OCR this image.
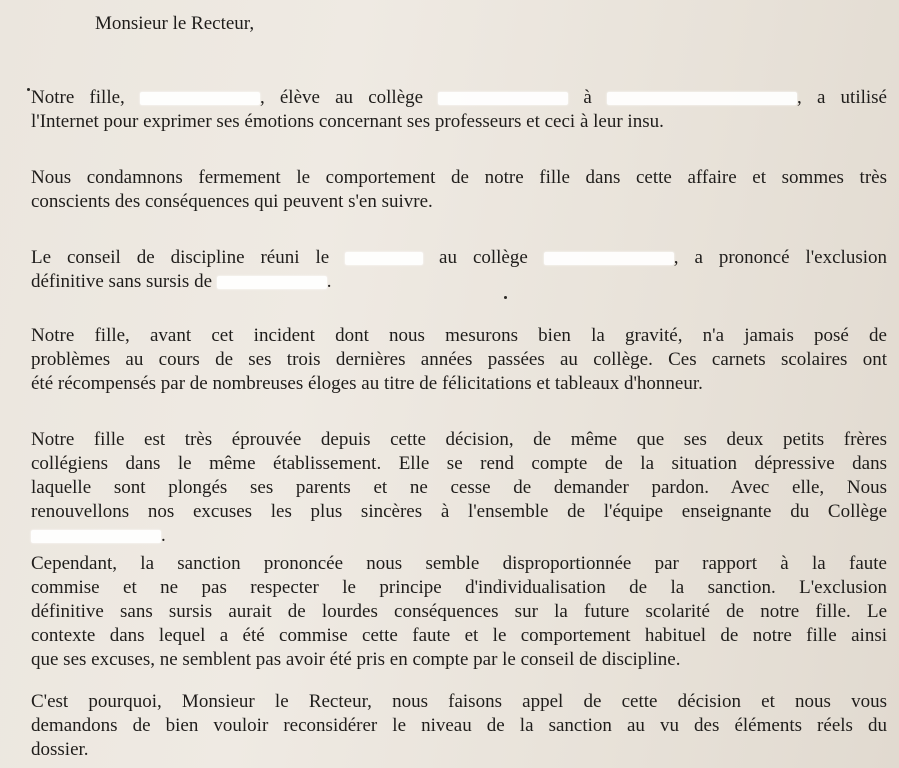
Monsieur le Recteur,
Notre fille,	, élève au collège	à	, a utilisé
l'Internet pour exprimer ses émotions concernant ses professeurs et ceci à leur insu.
Nous condamnons fermement le comportement de notre fille dans cette affaire et sommes très
conscients des conséquences qui peuvent s'en suivre.
Le conseil de discipline réuni le	au collège	, a prononcé l'exclusion
définitive sans sursis de	.
Notre fille, avant cet incident dont nous mesurons bien la gravité, n'a jamais posé de
problèmes au cours de ses trois dernières années passées au collège. Ces carnets scolaires ont
été récompensés par de nombreuses éloges au titre de félicitations et tableaux d'honneur.
Notre fille est très éprouvée depuis cette décision, de même que ses deux petits frères
collégiens dans le même établissement. Elle se rend compte de la situation dépressive dans
laquelle sont plongés ses parents et ne cesse de demander pardon. Avec elle, Nous
renouvellons nos excuses les plus sincères à l'ensemble de l'équipe enseignante du Collège
.
Cependant, la sanction prononcée nous semble disproportionnée par rapport à la faute
commise et ne pas respecter le principe d'individualisation de la sanction. L'exclusion
définitive sans sursis aurait de lourdes conséquences sur la future scolarité de notre fille. Le
contexte dans lequel a été commise cette faute et le comportement habituel de notre fille ainsi
que ses excuses, ne semblent pas avoir été pris en compte par le conseil de discipline.
C'est pourquoi, Monsieur le Recteur, nous faisons appel de cette décision et nous vous
demandons de bien vouloir reconsidérer le niveau de la sanction au vu des éléments réels du
dossier.
